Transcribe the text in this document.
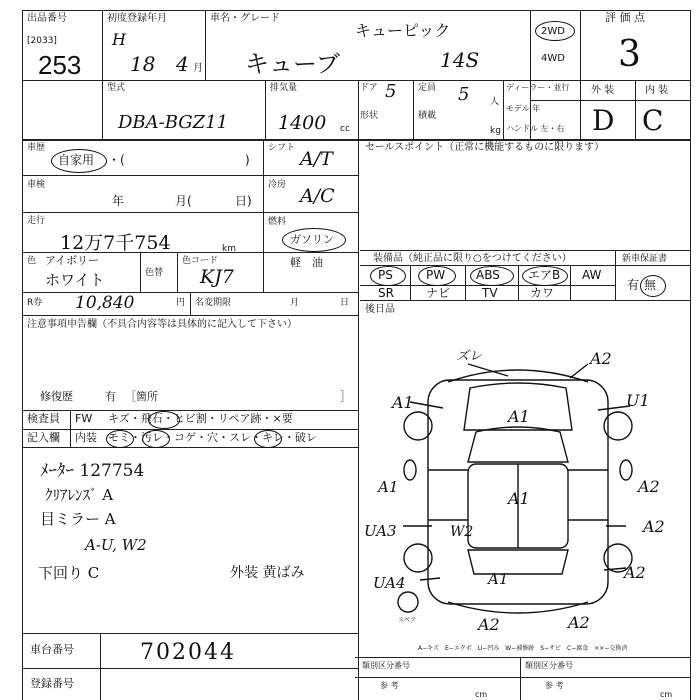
出品番号
[2033]
253
初度登録年月
H
18 4 月
車名・グレード
キューピック
キューブ	14S
2WD
4WD
評 価 点
3
型式
DBA-BGZ11
排気量
1400 cc
ドア 5
形状
定員 5 人
積載
kg
ディーラー・並行
モデル 年
ハンドル 左・右
外 装	内 装
D C
車歴
自家用 ・(	)
シフト A/T
車検
年	月(	日)
冷房 A/C
走行
12万7千754	km
燃料
ガソリン
軽　油
色 アイボリー
ホワイト	色替
色コード
KJ7
R券 10,840	円 名変期限	月	日
注意事項申告欄（不具合内容等は具体的に記入して下さい）
修復歴	有 ［箇所	］
検査員
記入欄
FW キズ・飛石・ヒビ割・リペア跡・×要
内装 モミ・汚レ・コゲ・穴・スレ・キレ・破レ
ﾒｰﾀｰ 127754
ｸﾘｱﾚﾝｽﾞ A
目ミラー A
A-U, W2
下回り C	外装 黄ばみ
セールスポイント（正常に機能するものに限ります）
装備品（純正品に限り○をつけてください）	新車保証書
PS	PW	ABS エアB AW
SR	ナビ	TV	カワ
有 無
後日品
ズレ	A2
A1
A1
U1
A1
A1
A2
UA3	W2	A2
A1
UA4
A2
A2	A2
スペア
A−キズ　E−エクボ　U−凹み　W−補修跡　S−サビ　C−腐食　××−交換済
車台番号	702044
登録番号
類別区分番号	類別区分番号
参 考	参 考
cm	cm
